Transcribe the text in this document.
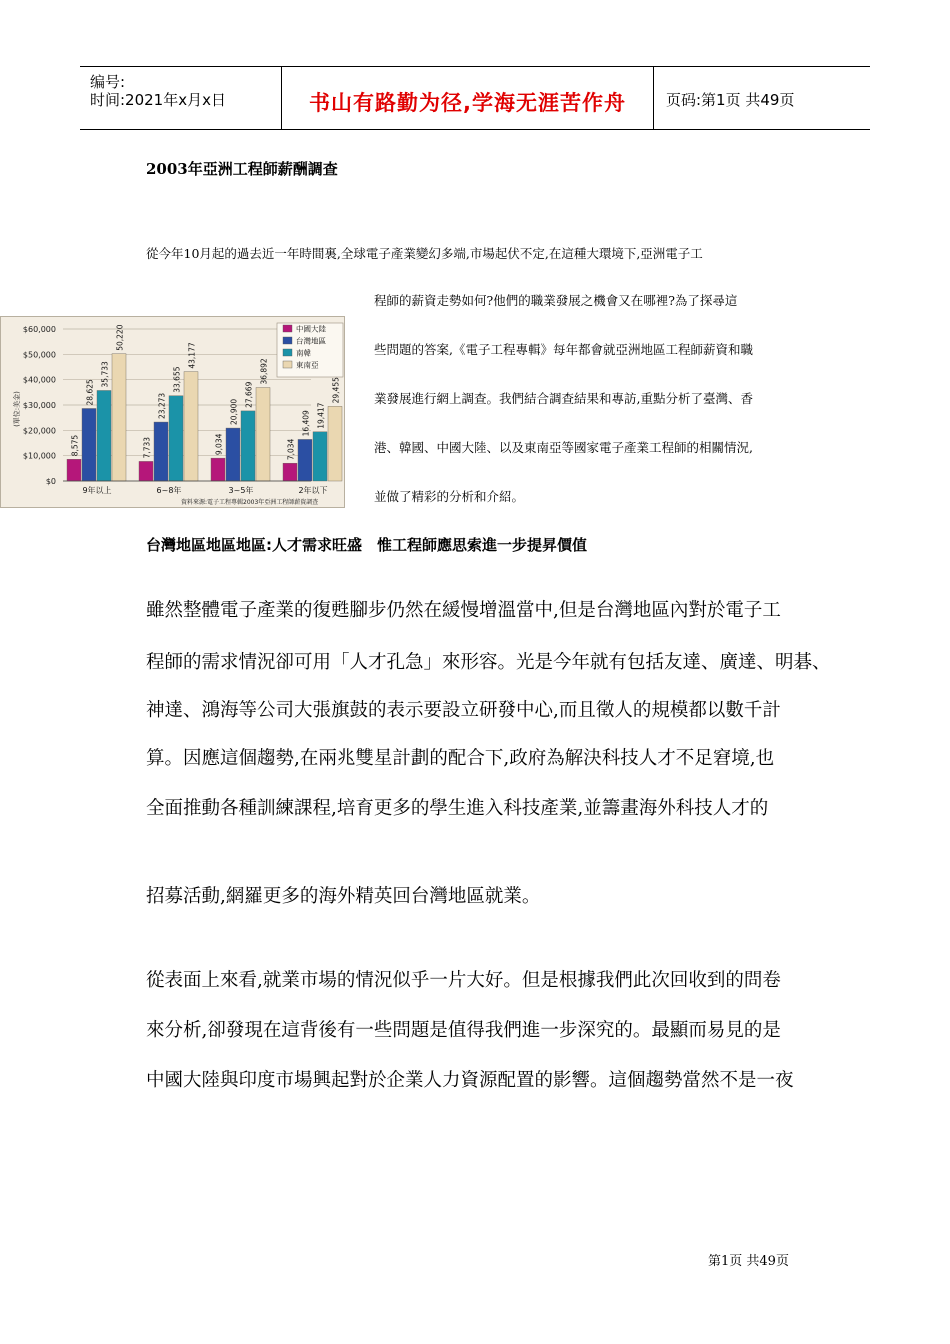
编号:
时间:2021年x月x日	书山有路勤为径,学海无涯苦作舟	页码:第1页 共49页
2003年亞洲工程師薪酬調查
從今年10月起的過去近一年時間裏,全球電子產業變幻多端,市場起伏不定,在這種大環境下,亞洲電子工
程師的薪資走勢如何?他們的職業發展之機會又在哪裡?為了探尋這
些問題的答案,《電子工程專輯》每年都會就亞洲地區工程師薪資和職
業發展進行網上調查。我們結合調查結果和專訪,重點分析了臺灣、香
港、韓國、中國大陸、以及東南亞等國家電子產業工程師的相關情況,
並做了精彩的分析和介紹。
$0
$10,000
$20,000
$30,000
$40,000
$50,000
$60,000
(單位:美金)
8,575
28,625
35,733
50,220
9年以上
7,733
23,273
33,655
43,177
6~8年
9,034
20,900
27,669
36,892
3~5年
7,034
16,409 19,417
29,455
2年以下
中國大陸
台灣地區
南韓
東南亞
資料來源:電子工程專輯2003年亞洲工程師薪資調查
台灣地區地區地區:人才需求旺盛　惟工程師應思索進一步提昇價值
雖然整體電子產業的復甦腳步仍然在緩慢增溫當中,但是台灣地區內對於電子工
程師的需求情況卻可用「人才孔急」來形容。光是今年就有包括友達、廣達、明碁、
神達、鴻海等公司大張旗鼓的表示要設立研發中心,而且徵人的規模都以數千計
算。因應這個趨勢,在兩兆雙星計劃的配合下,政府為解決科技人才不足窘境,也
全面推動各種訓練課程,培育更多的學生進入科技產業,並籌畫海外科技人才的
招募活動,網羅更多的海外精英回台灣地區就業。
從表面上來看,就業市場的情況似乎一片大好。但是根據我們此次回收到的問卷
來分析,卻發現在這背後有一些問題是值得我們進一步深究的。最顯而易見的是
中國大陸與印度市場興起對於企業人力資源配置的影響。這個趨勢當然不是一夜
第1页 共49页
